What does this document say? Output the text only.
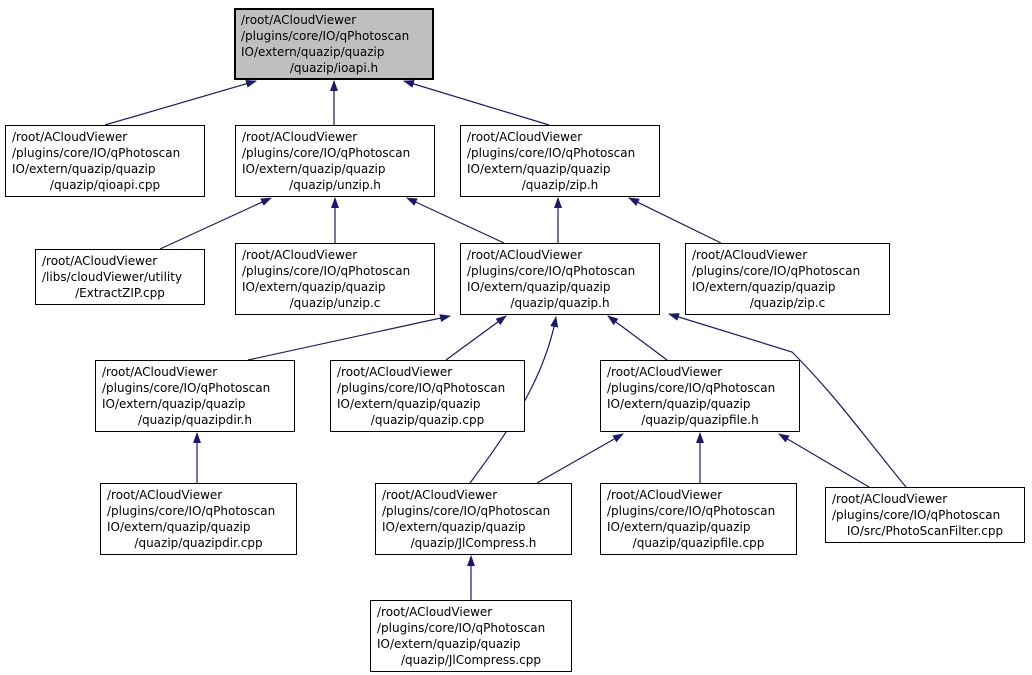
/root/ACloudViewer
/plugins/core/IO/qPhotoscan
IO/extern/quazip/quazip
/quazip/ioapi.h
/root/ACloudViewer
/plugins/core/IO/qPhotoscan
IO/extern/quazip/quazip
/quazip/qioapi.cpp
/root/ACloudViewer
/plugins/core/IO/qPhotoscan
IO/extern/quazip/quazip
/quazip/unzip.h
/root/ACloudViewer
/plugins/core/IO/qPhotoscan
IO/extern/quazip/quazip
/quazip/zip.h
/root/ACloudViewer
/libs/cloudViewer/utility
/ExtractZIP.cpp
/root/ACloudViewer
/plugins/core/IO/qPhotoscan
IO/extern/quazip/quazip
/quazip/unzip.c
/root/ACloudViewer
/plugins/core/IO/qPhotoscan
IO/extern/quazip/quazip
/quazip/quazip.h
/root/ACloudViewer
/plugins/core/IO/qPhotoscan
IO/extern/quazip/quazip
/quazip/zip.c
/root/ACloudViewer
/plugins/core/IO/qPhotoscan
IO/extern/quazip/quazip
/quazip/quazipdir.h
/root/ACloudViewer
/plugins/core/IO/qPhotoscan
IO/extern/quazip/quazip
/quazip/quazip.cpp
/root/ACloudViewer
/plugins/core/IO/qPhotoscan
IO/extern/quazip/quazip
/quazip/quazipfile.h
/root/ACloudViewer
/plugins/core/IO/qPhotoscan
IO/extern/quazip/quazip
/quazip/quazipdir.cpp
/root/ACloudViewer
/plugins/core/IO/qPhotoscan
IO/extern/quazip/quazip
/quazip/JlCompress.h
/root/ACloudViewer
/plugins/core/IO/qPhotoscan
IO/extern/quazip/quazip
/quazip/quazipfile.cpp
/root/ACloudViewer
/plugins/core/IO/qPhotoscan
IO/src/PhotoScanFilter.cpp
/root/ACloudViewer
/plugins/core/IO/qPhotoscan
IO/extern/quazip/quazip
/quazip/JlCompress.cpp
